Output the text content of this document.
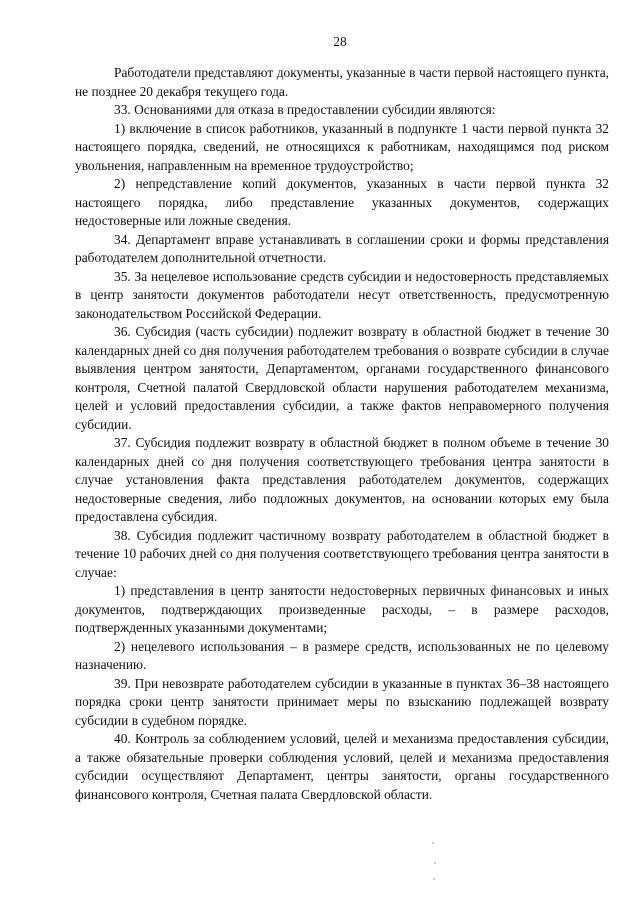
28

Работодатели представляют документы, указанные в части первой настоящего пункта, не позднее 20 декабря текущего года.

33. Основаниями для отказа в предоставлении субсидии являются:

1) включение в список работников, указанный в подпункте 1 части первой пункта 32 настоящего порядка, сведений, не относящихся к работникам, находящимся под риском увольнения, направленным на временное трудоустройство;

2) непредставление копий документов, указанных в части первой пункта 32 настоящего порядка, либо представление указанных документов, содержащих недостоверные или ложные сведения.

34. Департамент вправе устанавливать в соглашении сроки и формы представления работодателем дополнительной отчетности.

35. За нецелевое использование средств субсидии и недостоверность представляемых в центр занятости документов работодатели несут ответственность, предусмотренную законодательством Российской Федерации.

36. Субсидия (часть субсидии) подлежит возврату в областной бюджет в течение 30 календарных дней со дня получения работодателем требования о возврате субсидии в случае выявления центром занятости, Департаментом, органами государственного финансового контроля, Счетной палатой Свердловской области нарушения работодателем механизма, целей и условий предоставления субсидии, а также фактов неправомерного получения субсидии.

37. Субсидия подлежит возврату в областной бюджет в полном объеме в течение 30 календарных дней со дня получения соответствующего требования центра занятости в случае установления факта представления работодателем документов, содержащих недостоверные сведения, либо подложных документов, на основании которых ему была предоставлена субсидия.

38. Субсидия подлежит частичному возврату работодателем в областной бюджет в течение 10 рабочих дней со дня получения соответствующего требования центра занятости в случае:

1) представления в центр занятости недостоверных первичных финансовых и иных документов, подтверждающих произведенные расходы, – в размере расходов, подтвержденных указанными документами;

2) нецелевого использования – в размере средств, использованных не по целевому назначению.

39. При невозврате работодателем субсидии в указанные в пунктах 36–38 настоящего порядка сроки центр занятости принимает меры по взысканию подлежащей возврату субсидии в судебном порядке.

40. Контроль за соблюдением условий, целей и механизма предоставления субсидии, а также обязательные проверки соблюдения условий, целей и механизма предоставления субсидии осуществляют Департамент, центры занятости, органы государственного финансового контроля, Счетная палата Свердловской области.
